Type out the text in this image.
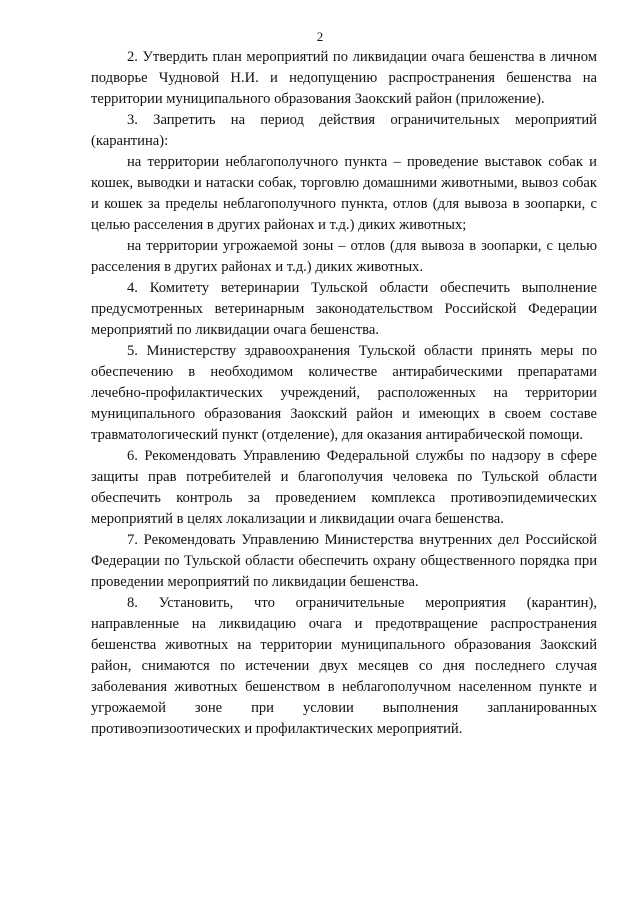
2

2. Утвердить план мероприятий по ликвидации очага бешенства в личном подворье Чудновой Н.И. и недопущению распространения бешенства на территории муниципального образования Заокский район (приложение).

3. Запретить на период действия ограничительных мероприятий (карантина):

на территории неблагополучного пункта – проведение выставок собак и кошек, выводки и натаски собак, торговлю домашними животными, вывоз собак и кошек за пределы неблагополучного пункта, отлов (для вывоза в зоопарки, с целью расселения в других районах и т.д.) диких животных;

на территории угрожаемой зоны – отлов (для вывоза в зоопарки, с целью расселения в других районах и т.д.) диких животных.

4. Комитету ветеринарии Тульской области обеспечить выполнение предусмотренных ветеринарным законодательством Российской Федерации мероприятий по ликвидации очага бешенства.

5. Министерству здравоохранения Тульской области принять меры по обеспечению в необходимом количестве антирабическими препаратами лечебно-профилактических учреждений, расположенных на территории муниципального образования Заокский район и имеющих в своем составе травматологический пункт (отделение), для оказания антирабической помощи.

6. Рекомендовать Управлению Федеральной службы по надзору в сфере защиты прав потребителей и благополучия человека по Тульской области обеспечить контроль за проведением комплекса противоэпидемических мероприятий в целях локализации и ликвидации очага бешенства.

7. Рекомендовать Управлению Министерства внутренних дел Российской Федерации по Тульской области обеспечить охрану общественного порядка при проведении мероприятий по ликвидации бешенства.

8. Установить, что ограничительные мероприятия (карантин), направленные на ликвидацию очага и предотвращение распространения бешенства животных на территории муниципального образования Заокский район, снимаются по истечении двух месяцев со дня последнего случая заболевания животных бешенством в неблагополучном населенном пункте и угрожаемой зоне при условии выполнения запланированных противоэпизоотических и профилактических мероприятий.
